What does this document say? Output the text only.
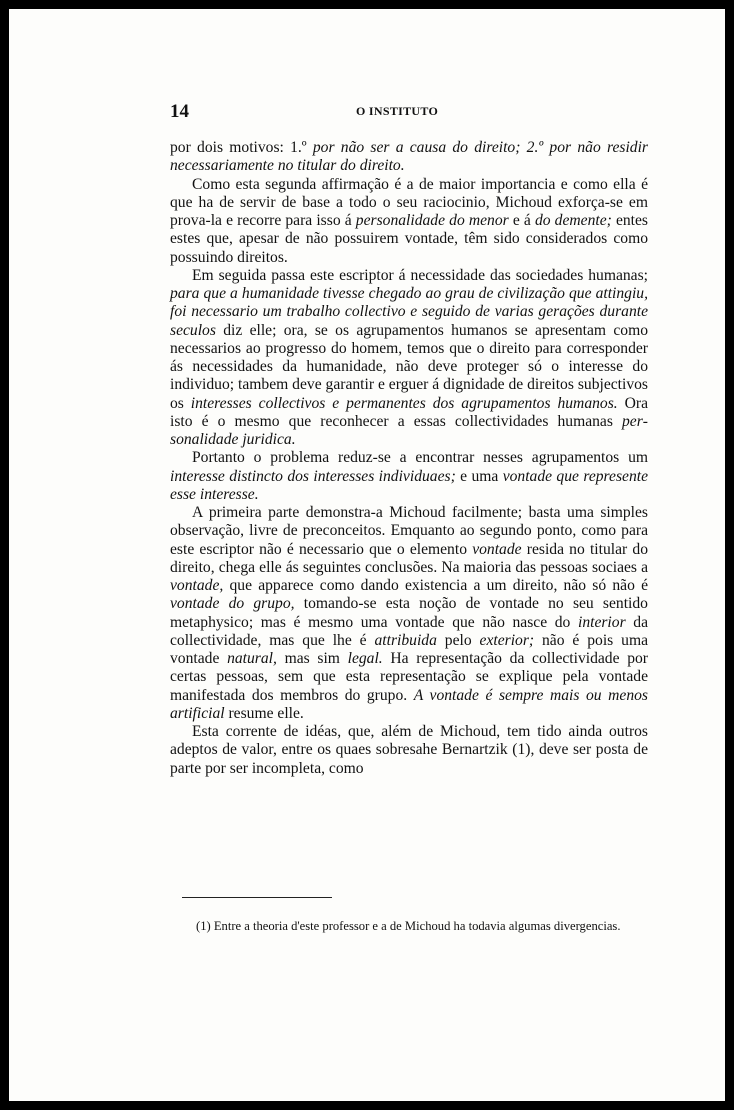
14	O INSTITUTO

por dois motivos: 1.º por não ser a causa do direito; 2.º por não residir necessariamente no titular do direito.

Como esta segunda affirmação é a de maior importancia e como ella é que ha de servir de base a todo o seu raciocinio, Michoud exforça-se em prova-la e recorre para isso á personalidade do menor e á do demente; entes estes que, apesar de não possuirem vontade, têm sido considerados como possuindo direitos.

Em seguida passa este escriptor á necessidade das sociedades humanas; para que a humanidade tivesse chegado ao grau de civilização que attingiu, foi necessario um trabalho collectivo e seguido de varias gerações durante seculos diz elle; ora, se os agrupamentos humanos se apresentam como necessarios ao progresso do homem, temos que o direito para corresponder ás necessidades da humanidade, não deve proteger só o interesse do individuo; tambem deve garantir e erguer á dignidade de direitos subjectivos os interesses collectivos e permanentes dos agrupamentos humanos. Ora isto é o mesmo que reconhecer a essas collectividades humanas personalidade juridica.

Portanto o problema reduz-se a encontrar nesses agrupamentos um interesse distincto dos interesses individuaes; e uma vontade que represente esse interesse.

A primeira parte demonstra-a Michoud facilmente; basta uma simples observação, livre de preconceitos. Emquanto ao segundo ponto, como para este escriptor não é necessario que o elemento vontade resida no titular do direito, chega elle ás seguintes conclusões. Na maioria das pessoas sociaes a vontade, que apparece como dando existencia a um direito, não só não é vontade do grupo, tomando-se esta noção de vontade no seu sentido metaphysico; mas é mesmo uma vontade que não nasce do interior da collectividade, mas que lhe é attribuida pelo exterior; não é pois uma vontade natural, mas sim legal. Ha representação da collectividade por certas pessoas, sem que esta representação se explique pela vontade manifestada dos membros do grupo. A vontade é sempre mais ou menos artificial resume elle.

Esta corrente de idéas, que, além de Michoud, tem tido ainda outros adeptos de valor, entre os quaes sobresahe Bernartzik (1), deve ser posta de parte por ser incompleta, como

(1) Entre a theoria d'este professor e a de Michoud ha todavia algumas divergencias.
